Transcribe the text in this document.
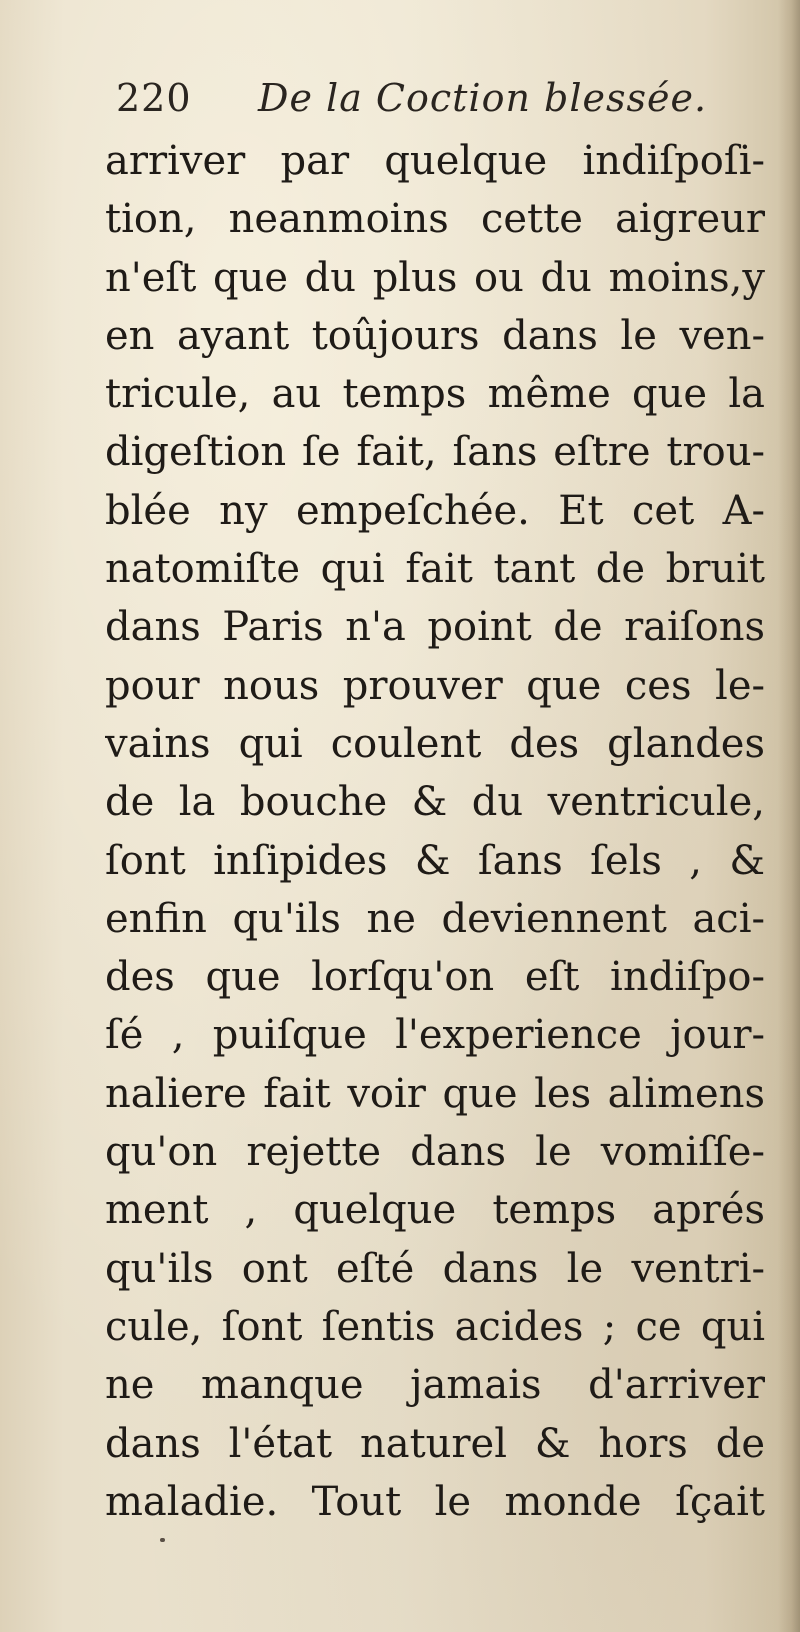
220 De la Coction blessée.
arriver par quelque indiſpoſi-
tion, neanmoins cette aigreur
n'eſt que du plus ou du moins,y
en ayant toûjours dans le ven-
tricule, au temps même que la
digeſtion ſe fait, ſans eſtre trou-
blée ny empeſchée. Et cet A-
natomiſte qui fait tant de bruit
dans Paris n'a point de raiſons
pour nous prouver que ces le-
vains qui coulent des glandes
de la bouche & du ventricule,
ſont inſipides & ſans ſels , &
enfin qu'ils ne deviennent aci-
des que lorſqu'on eſt indiſpo-
ſé , puiſque l'experience jour-
naliere fait voir que les alimens
qu'on rejette dans le vomiſſe-
ment , quelque temps aprés
qu'ils ont eſté dans le ventri-
cule, ſont ſentis acides ; ce qui
ne manque jamais d'arriver
dans l'état naturel & hors de
maladie. Tout le monde ſçait
